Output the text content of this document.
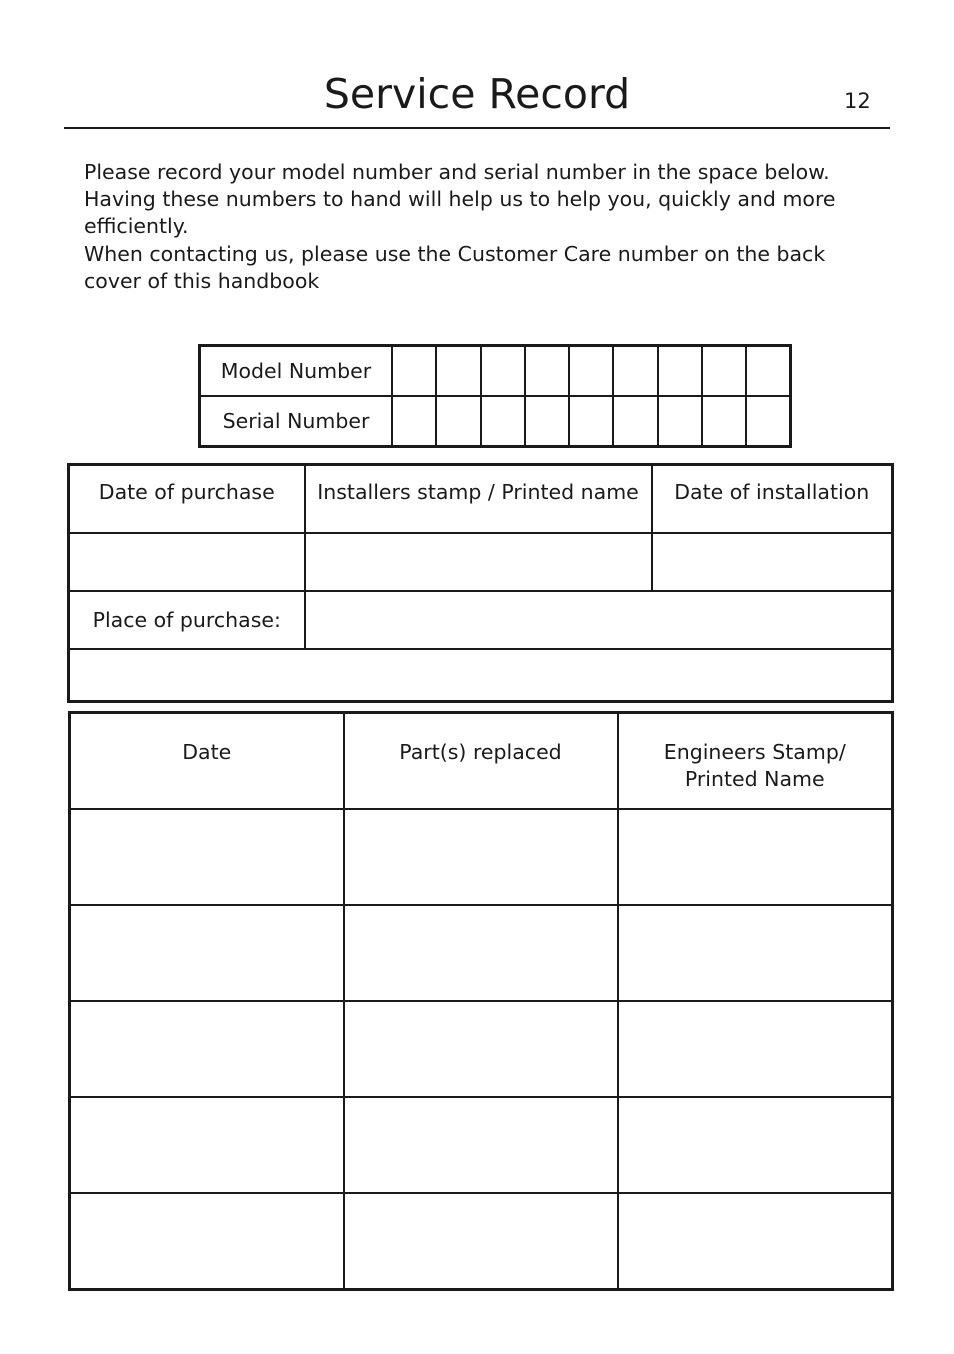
Service Record	12

Please record your model number and serial number in the space below.

Having these numbers to hand will help us to help you, quickly and more efficiently.

When contacting us, please use the Customer Care number on the back cover of this handbook

Model Number									
Serial Number									
Date of purchase	Installers stamp / Printed name	Date of installation

Place of purchase:		

Date	Part(s) replaced	Engineers Stamp/
Printed Name
